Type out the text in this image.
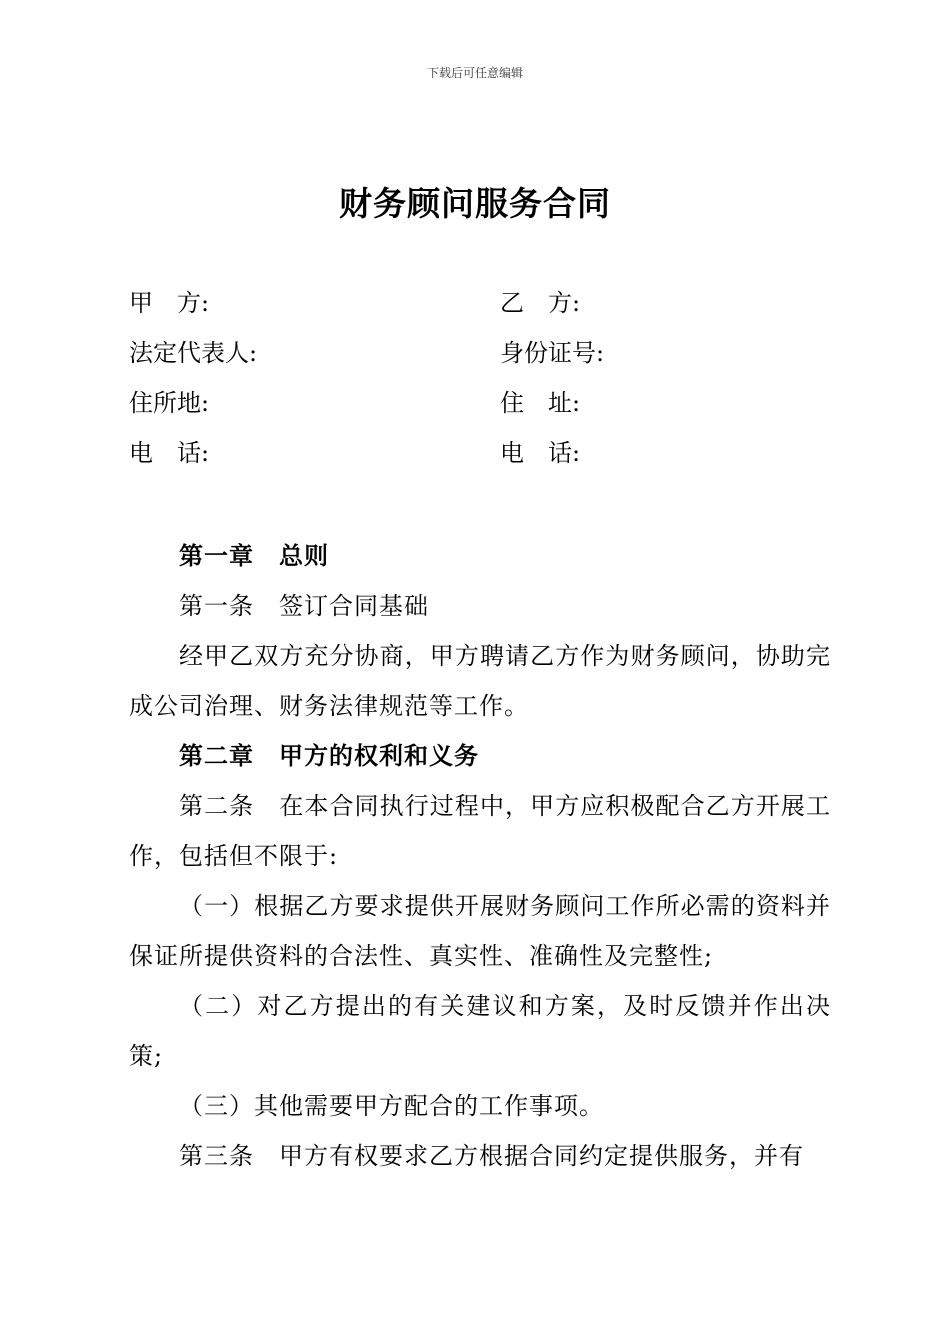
下载后可任意编辑
财务顾问服务合同
甲　方:	乙　方:
法定代表人:	身份证号:
住所地:	住　址:
电　话:	电　话:

第一章　总则

第一条　签订合同基础

经甲乙双方充分协商，甲方聘请乙方作为财务顾问，协助完成公司治理、财务法律规范等工作。

第二章　甲方的权利和义务

第二条　在本合同执行过程中，甲方应积极配合乙方开展工作，包括但不限于:

（一）根据乙方要求提供开展财务顾问工作所必需的资料并保证所提供资料的合法性、真实性、准确性及完整性;

（二）对乙方提出的有关建议和方案，及时反馈并作出决策;

（三）其他需要甲方配合的工作事项。

第三条　甲方有权要求乙方根据合同约定提供服务，并有
